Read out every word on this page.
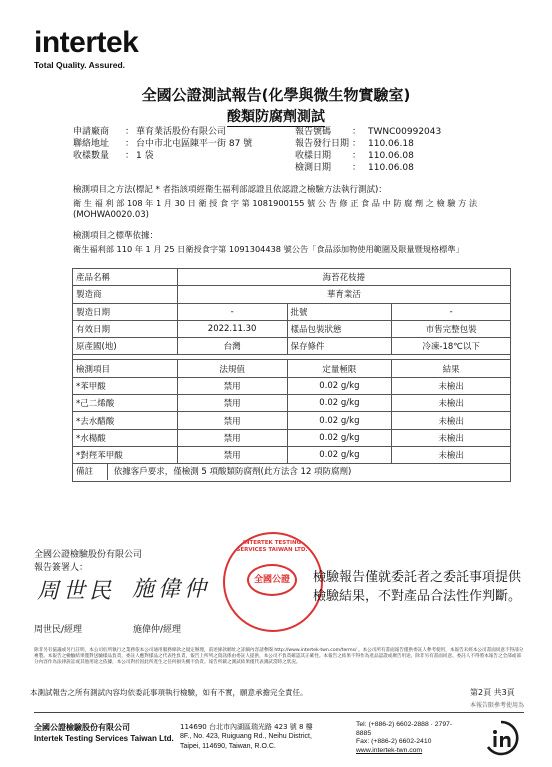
intertek
Total Quality. Assured.
全國公證測試報告(化學與微生物實驗室)
酸類防腐劑測試
申請廠商 ： 華育業活股份有限公司
聯絡地址 ： 台中市北屯區陳平一街 87 號
收樣數量 ： 1 袋
報告號碼 ： TWNC00992043
報告發行日期 ： 110.06.18
收樣日期 ： 110.06.08
檢測日期 ： 110.06.08
檢測項目之方法(標記 * 者指該項經衛生福利部認證且依認證之檢驗方法執行測試)：
衛 生 福 利 部 108 年 1 月 30 日 衛 授 食 字 第 1081900155 號 公 告 修 正 食 品 中 防 腐 劑 之 檢 驗 方 法
(MOHWA0020.03)
檢測項目之標準依據：
衛生福利部 110 年 1 月 25 日衛授食字第 1091304438 號公告「食品添加物使用範圍及限量暨規格標準」
產品名稱	海苔花枝捲		
製造商	華育業活		
製造日期	-	批號	-
有效日期	2022.11.30	樣品包裝狀態	市售完整包裝
原產國(地)	台灣	保存條件	冷凍-18℃以下

檢測項目	法規值	定量極限	結果
*苯甲酸	禁用	0.02 g/kg	未檢出
*己二烯酸	禁用	0.02 g/kg	未檢出
*去水醋酸	禁用	0.02 g/kg	未檢出
*水楊酸	禁用	0.02 g/kg	未檢出
*對羥苯甲酸	禁用	0.02 g/kg	未檢出
備註 依據客戶要求，僅檢測 5 項酸類防腐劑(此方法含 12 項防腐劑)			
全國公證檢驗股份有限公司
報告簽署人：
周世民 施偉仲
周世民/經理	施偉仲/經理
全國公證
INTERTEK TESTING SERVICES TAIWAN LTD.
檢驗報告僅就委託者之委託事項提供
檢驗結果，不對產品合法性作判斷。
除非另有協議或另行註明，本公司於所執行之業務依本公司通用服務條款之規定辦理，前述條款網址之詳細內容請參閱 http://www.intertek-twn.com/terms/ 。本公司所有書面報告僅供委託人參考使用，本報告未經本公司書面同意不得部分複製。本報告之檢驗結果僅對送驗樣品負責，委託人應對樣品之代表性負責，報告上所列之資訊係由委託人提供，本公司不負責確認其正確性。本報告之結果不得作為產品認證或廣告用途，除非另有書面同意。委託人不得將本報告之全部或部分內容作為法律訴訟或其他用途之依據，本公司對於因此所產生之任何損失概不負責。報告所載之測試結果僅代表測試當時之狀況。
本測試報告之所有測試內容均依委託事項執行檢驗，如有不實，願意承擔完全責任。	第2頁 共3頁
本報告限參考使用為
全國公證檢驗股份有限公司
Intertek Testing Services Taiwan Ltd.
114690 台北市內湖區瑞光路 423 號 8 樓
8F., No. 423, Ruiguang Rd., Neihu District,
Taipei, 114690, Taiwan, R.O.C.
Tel: (+886-2) 6602-2888 · 2797-8885
Fax: (+886-2) 6602-2410
www.intertek-twn.com
